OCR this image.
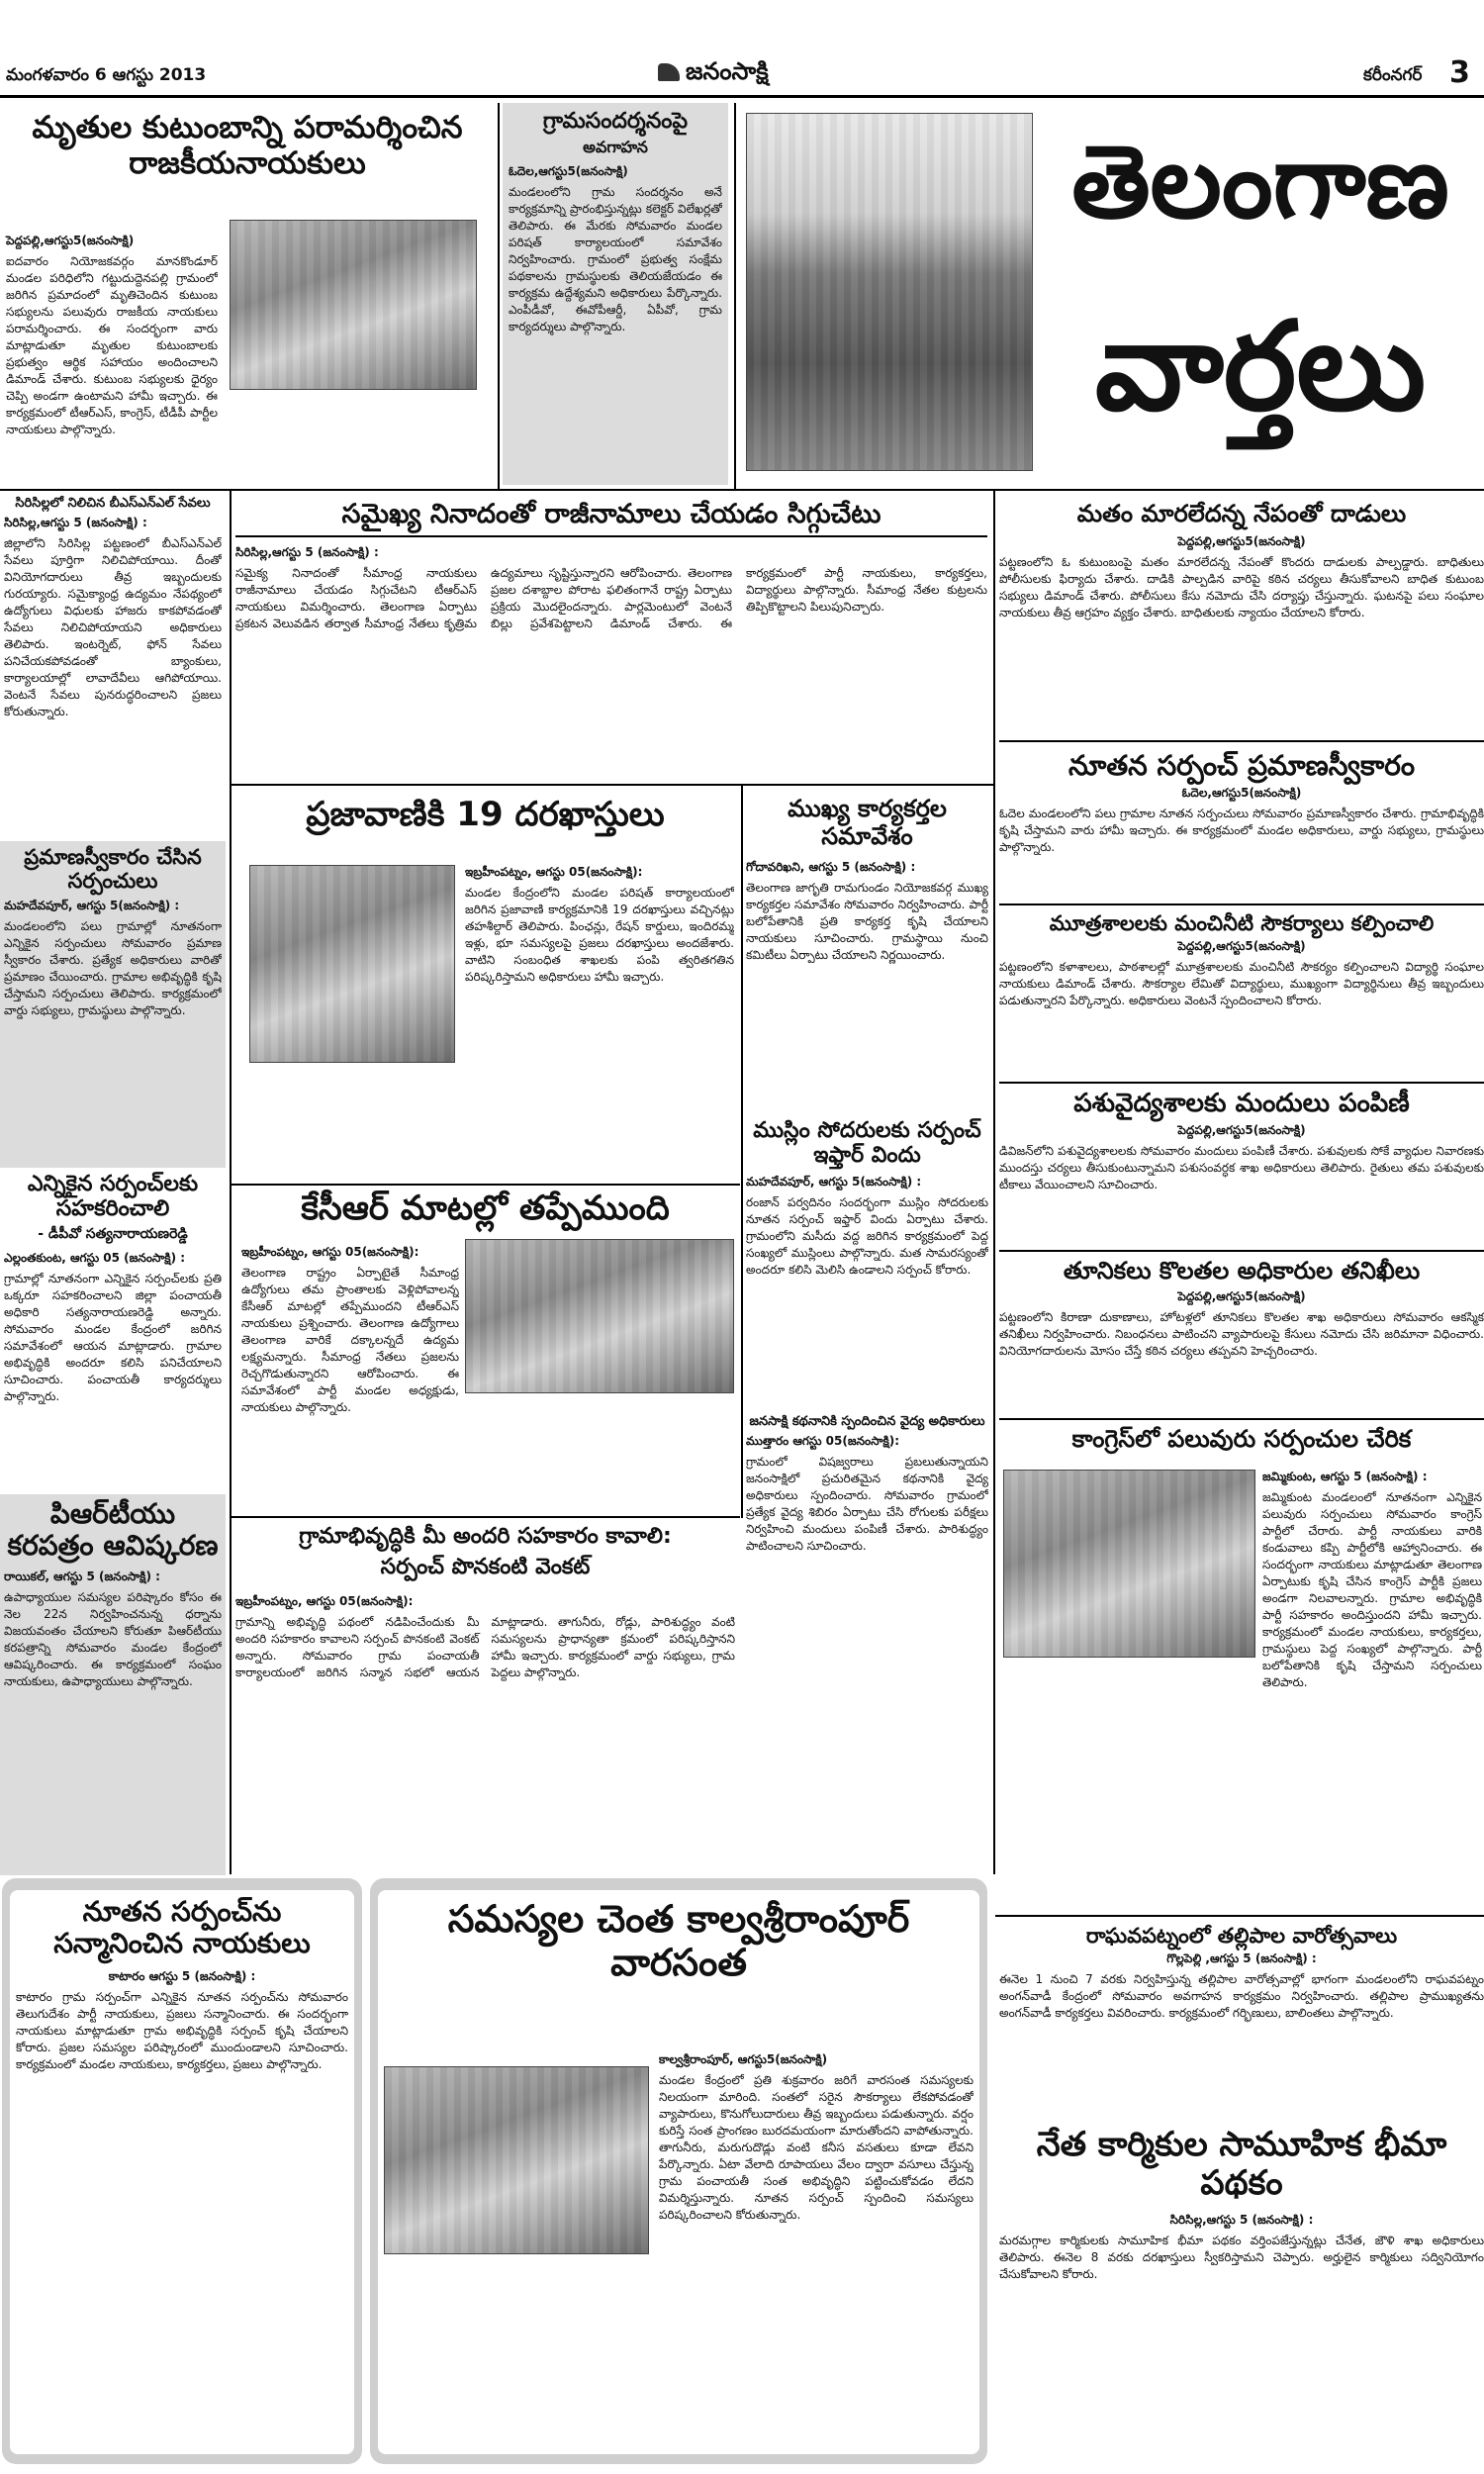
మంగళవారం 6 ఆగస్టు 2013	జనంసాక్షి	కరీంనగర్ 3
మృతుల కుటుంబాన్ని పరామర్శించిన రాజకీయనాయకులు
పెద్దపల్లి,ఆగస్టు5(జనంసాక్షి)
ఐదవారం నియోజకవర్గం మానకొండూర్ మండల పరిధిలోని గట్టుదుద్దెనపల్లి గ్రామంలో జరిగిన ప్రమాదంలో మృతిచెందిన కుటుంబ సభ్యులను పలువురు రాజకీయ నాయకులు పరామర్శించారు. ఈ సందర్భంగా వారు మాట్లాడుతూ మృతుల కుటుంబాలకు ప్రభుత్వం ఆర్థిక సహాయం అందించాలని డిమాండ్ చేశారు. కుటుంబ సభ్యులకు ధైర్యం చెప్పి అండగా ఉంటామని హామీ ఇచ్చారు. ఈ కార్యక్రమంలో టీఆర్ఎస్, కాంగ్రెస్, టీడీపీ పార్టీల నాయకులు పాల్గొన్నారు.
గ్రామసందర్శనంపై
అవగాహన
ఓదెల,ఆగస్టు5(జనంసాక్షి)
మండలంలోని గ్రామ సందర్శనం అనే కార్యక్రమాన్ని ప్రారంభిస్తున్నట్లు కలెక్టర్ విలేఖర్లతో తెలిపారు. ఈ మేరకు సోమవారం మండల పరిషత్ కార్యాలయంలో సమావేశం నిర్వహించారు. గ్రామంలో ప్రభుత్వ సంక్షేమ పథకాలను గ్రామస్థులకు తెలియజేయడం ఈ కార్యక్రమ ఉద్దేశ్యమని అధికారులు పేర్కొన్నారు. ఎంపీడీవో, ఈవోపీఆర్డీ, ఏపీవో, గ్రామ కార్యదర్శులు పాల్గొన్నారు.
తెలంగాణ
వార్తలు
సిరిసిల్లలో నిలిచిన బీఎస్ఎన్ఎల్ సేవలు
సిరిసిల్ల,ఆగస్టు 5 (జనంసాక్షి) :
జిల్లాలోని సిరిసిల్ల పట్టణంలో బీఎస్ఎన్ఎల్ సేవలు పూర్తిగా నిలిచిపోయాయి. దీంతో వినియోగదారులు తీవ్ర ఇబ్బందులకు గురయ్యారు. సమైక్యాంధ్ర ఉద్యమం నేపథ్యంలో ఉద్యోగులు విధులకు హాజరు కాకపోవడంతో సేవలు నిలిచిపోయాయని అధికారులు తెలిపారు. ఇంటర్నెట్, ఫోన్ సేవలు పనిచేయకపోవడంతో బ్యాంకులు, కార్యాలయాల్లో లావాదేవీలు ఆగిపోయాయి. వెంటనే సేవలు పునరుద్ధరించాలని ప్రజలు కోరుతున్నారు.
ప్రమాణస్వీకారం చేసిన సర్పంచులు
మహదేవపూర్, ఆగస్టు 5(జనంసాక్షి) :
మండలంలోని పలు గ్రామాల్లో నూతనంగా ఎన్నికైన సర్పంచులు సోమవారం ప్రమాణ స్వీకారం చేశారు. ప్రత్యేక అధికారులు వారితో ప్రమాణం చేయించారు. గ్రామాల అభివృద్ధికి కృషి చేస్తామని సర్పంచులు తెలిపారు. కార్యక్రమంలో వార్డు సభ్యులు, గ్రామస్థులు పాల్గొన్నారు.
ఎన్నికైన సర్పంచ్‌లకు సహకరించాలి
- డీపీవో సత్యనారాయణరెడ్డి
ఎల్లంతకుంట, ఆగస్టు 05 (జనంసాక్షి) :
గ్రామాల్లో నూతనంగా ఎన్నికైన సర్పంచ్‌లకు ప్రతి ఒక్కరూ సహకరించాలని జిల్లా పంచాయతీ అధికారి సత్యనారాయణరెడ్డి అన్నారు. సోమవారం మండల కేంద్రంలో జరిగిన సమావేశంలో ఆయన మాట్లాడారు. గ్రామాల అభివృద్ధికి అందరూ కలిసి పనిచేయాలని సూచించారు. పంచాయతీ కార్యదర్శులు పాల్గొన్నారు.
పిఆర్‌టీయు కరపత్రం ఆవిష్కరణ
రాయికల్, ఆగస్టు 5 (జనంసాక్షి) :
ఉపాధ్యాయుల సమస్యల పరిష్కారం కోసం ఈ నెల 22న నిర్వహించనున్న ధర్నాను విజయవంతం చేయాలని కోరుతూ పిఆర్‌టీయు కరపత్రాన్ని సోమవారం మండల కేంద్రంలో ఆవిష్కరించారు. ఈ కార్యక్రమంలో సంఘం నాయకులు, ఉపాధ్యాయులు పాల్గొన్నారు.
సమైఖ్య నినాదంతో రాజీనామాలు చేయడం సిగ్గుచేటు
సిరిసిల్ల,ఆగస్టు 5 (జనంసాక్షి) :
సమైక్య నినాదంతో సీమాంధ్ర నాయకులు రాజీనామాలు చేయడం సిగ్గుచేటని టీఆర్ఎస్ నాయకులు విమర్శించారు. తెలంగాణ ఏర్పాటు ప్రకటన వెలువడిన తర్వాత సీమాంధ్ర నేతలు కృత్రిమ ఉద్యమాలు సృష్టిస్తున్నారని ఆరోపించారు. తెలంగాణ ప్రజల దశాబ్దాల పోరాట ఫలితంగానే రాష్ట్ర ఏర్పాటు ప్రక్రియ మొదలైందన్నారు. పార్లమెంటులో వెంటనే బిల్లు ప్రవేశపెట్టాలని డిమాండ్ చేశారు. ఈ కార్యక్రమంలో పార్టీ నాయకులు, కార్యకర్తలు, విద్యార్థులు పాల్గొన్నారు. సీమాంధ్ర నేతల కుట్రలను తిప్పికొట్టాలని పిలుపునిచ్చారు.
ప్రజావాణికి 19 దరఖాస్తులు
ఇబ్రహీంపట్నం, ఆగస్టు 05(జనంసాక్షి):
మండల కేంద్రంలోని మండల పరిషత్ కార్యాలయంలో జరిగిన ప్రజావాణి కార్యక్రమానికి 19 దరఖాస్తులు వచ్చినట్లు తహశీల్దార్ తెలిపారు. పింఛన్లు, రేషన్ కార్డులు, ఇందిరమ్మ ఇళ్లు, భూ సమస్యలపై ప్రజలు దరఖాస్తులు అందజేశారు. వాటిని సంబంధిత శాఖలకు పంపి త్వరితగతిన పరిష్కరిస్తామని అధికారులు హామీ ఇచ్చారు.
కేసీఆర్ మాటల్లో తప్పేముంది
ఇబ్రహీంపట్నం, ఆగస్టు 05(జనంసాక్షి):
తెలంగాణ రాష్ట్రం ఏర్పాటైతే సీమాంధ్ర ఉద్యోగులు తమ ప్రాంతాలకు వెళ్లిపోవాలన్న కేసీఆర్ మాటల్లో తప్పేముందని టీఆర్ఎస్ నాయకులు ప్రశ్నించారు. తెలంగాణ ఉద్యోగాలు తెలంగాణ వారికే దక్కాలన్నదే ఉద్యమ లక్ష్యమన్నారు. సీమాంధ్ర నేతలు ప్రజలను రెచ్చగొడుతున్నారని ఆరోపించారు. ఈ సమావేశంలో పార్టీ మండల అధ్యక్షుడు, నాయకులు పాల్గొన్నారు.
గ్రామాభివృద్ధికి మీ అందరి సహకారం కావాలి:
సర్పంచ్ పొనకంటి వెంకట్
ఇబ్రహీంపట్నం, ఆగస్టు 05(జనంసాక్షి):
గ్రామాన్ని అభివృద్ధి పథంలో నడిపించేందుకు మీ అందరి సహకారం కావాలని సర్పంచ్ పొనకంటి వెంకట్ అన్నారు. సోమవారం గ్రామ పంచాయతీ కార్యాలయంలో జరిగిన సన్మాన సభలో ఆయన మాట్లాడారు. తాగునీరు, రోడ్లు, పారిశుద్ధ్యం వంటి సమస్యలను ప్రాధాన్యతా క్రమంలో పరిష్కరిస్తానని హామీ ఇచ్చారు. కార్యక్రమంలో వార్డు సభ్యులు, గ్రామ పెద్దలు పాల్గొన్నారు.
ముఖ్య కార్యకర్తల సమావేశం
గోదావరిఖని, ఆగస్టు 5 (జనంసాక్షి) :
తెలంగాణ జాగృతి రామగుండం నియోజకవర్గ ముఖ్య కార్యకర్తల సమావేశం సోమవారం నిర్వహించారు. పార్టీ బలోపేతానికి ప్రతి కార్యకర్త కృషి చేయాలని నాయకులు సూచించారు. గ్రామస్థాయి నుంచి కమిటీలు ఏర్పాటు చేయాలని నిర్ణయించారు.
ముస్లిం సోదరులకు సర్పంచ్ ఇఫ్తార్ విందు
మహదేవపూర్, ఆగస్టు 5(జనంసాక్షి) :
రంజాన్ పర్వదినం సందర్భంగా ముస్లిం సోదరులకు నూతన సర్పంచ్ ఇఫ్తార్ విందు ఏర్పాటు చేశారు. గ్రామంలోని మసీదు వద్ద జరిగిన కార్యక్రమంలో పెద్ద సంఖ్యలో ముస్లింలు పాల్గొన్నారు. మత సామరస్యంతో అందరూ కలిసి మెలిసి ఉండాలని సర్పంచ్ కోరారు.
జనసాక్షి కథనానికి స్పందించిన వైద్య అధికారులు
ముత్తారం ఆగస్టు 05(జనంసాక్షి):
గ్రామంలో విషజ్వరాలు ప్రబలుతున్నాయని జనంసాక్షిలో ప్రచురితమైన కథనానికి వైద్య అధికారులు స్పందించారు. సోమవారం గ్రామంలో ప్రత్యేక వైద్య శిబిరం ఏర్పాటు చేసి రోగులకు పరీక్షలు నిర్వహించి మందులు పంపిణీ చేశారు. పారిశుద్ధ్యం పాటించాలని సూచించారు.
మతం మారలేదన్న నేపంతో దాడులు
పెద్దపల్లి,ఆగస్టు5(జనంసాక్షి)
పట్టణంలోని ఓ కుటుంబంపై మతం మారలేదన్న నేపంతో కొందరు దాడులకు పాల్పడ్డారు. బాధితులు పోలీసులకు ఫిర్యాదు చేశారు. దాడికి పాల్పడిన వారిపై కఠిన చర్యలు తీసుకోవాలని బాధిత కుటుంబ సభ్యులు డిమాండ్ చేశారు. పోలీసులు కేసు నమోదు చేసి దర్యాప్తు చేస్తున్నారు. ఘటనపై పలు సంఘాల నాయకులు తీవ్ర ఆగ్రహం వ్యక్తం చేశారు. బాధితులకు న్యాయం చేయాలని కోరారు.
నూతన సర్పంచ్ ప్రమాణస్వీకారం
ఓదెల,ఆగస్టు5(జనంసాక్షి)
ఓదెల మండలంలోని పలు గ్రామాల నూతన సర్పంచులు సోమవారం ప్రమాణస్వీకారం చేశారు. గ్రామాభివృద్ధికి కృషి చేస్తామని వారు హామీ ఇచ్చారు. ఈ కార్యక్రమంలో మండల అధికారులు, వార్డు సభ్యులు, గ్రామస్థులు పాల్గొన్నారు.
మూత్రశాలలకు మంచినీటి సౌకర్యాలు కల్పించాలి
పెద్దపల్లి,ఆగస్టు5(జనంసాక్షి)
పట్టణంలోని కళాశాలలు, పాఠశాలల్లో మూత్రశాలలకు మంచినీటి సౌకర్యం కల్పించాలని విద్యార్థి సంఘాల నాయకులు డిమాండ్ చేశారు. సౌకర్యాల లేమితో విద్యార్థులు, ముఖ్యంగా విద్యార్థినులు తీవ్ర ఇబ్బందులు పడుతున్నారని పేర్కొన్నారు. అధికారులు వెంటనే స్పందించాలని కోరారు.
పశువైద్యశాలకు మందులు పంపిణీ
పెద్దపల్లి,ఆగస్టు5(జనంసాక్షి)
డివిజన్‌లోని పశువైద్యశాలలకు సోమవారం మందులు పంపిణీ చేశారు. పశువులకు సోకే వ్యాధుల నివారణకు ముందస్తు చర్యలు తీసుకుంటున్నామని పశుసంవర్ధక శాఖ అధికారులు తెలిపారు. రైతులు తమ పశువులకు టీకాలు వేయించాలని సూచించారు.
తూనికలు కొలతల అధికారుల తనిఖీలు
పెద్దపల్లి,ఆగస్టు5(జనంసాక్షి)
పట్టణంలోని కిరాణా దుకాణాలు, హోటళ్లలో తూనికలు కొలతల శాఖ అధికారులు సోమవారం ఆకస్మిక తనిఖీలు నిర్వహించారు. నిబంధనలు పాటించని వ్యాపారులపై కేసులు నమోదు చేసి జరిమానా విధించారు. వినియోగదారులను మోసం చేస్తే కఠిన చర్యలు తప్పవని హెచ్చరించారు.
కాంగ్రెస్‌లో పలువురు సర్పంచుల చేరిక
జమ్మికుంట, ఆగస్టు 5 (జనంసాక్షి) :
జమ్మికుంట మండలంలో నూతనంగా ఎన్నికైన పలువురు సర్పంచులు సోమవారం కాంగ్రెస్ పార్టీలో చేరారు. పార్టీ నాయకులు వారికి కండువాలు కప్పి పార్టీలోకి ఆహ్వానించారు. ఈ సందర్భంగా నాయకులు మాట్లాడుతూ తెలంగాణ ఏర్పాటుకు కృషి చేసిన కాంగ్రెస్ పార్టీకి ప్రజలు అండగా నిలవాలన్నారు. గ్రామాల అభివృద్ధికి పార్టీ సహకారం అందిస్తుందని హామీ ఇచ్చారు. కార్యక్రమంలో మండల నాయకులు, కార్యకర్తలు, గ్రామస్థులు పెద్ద సంఖ్యలో పాల్గొన్నారు. పార్టీ బలోపేతానికి కృషి చేస్తామని సర్పంచులు తెలిపారు.
రాఘవపట్నంలో తల్లిపాల వారోత్సవాలు
గొల్లపెల్లి ,ఆగస్టు 5 (జనంసాక్షి) :
ఈనెల 1 నుంచి 7 వరకు నిర్వహిస్తున్న తల్లిపాల వారోత్సవాల్లో భాగంగా మండలంలోని రాఘవపట్నం అంగన్‌వాడీ కేంద్రంలో సోమవారం అవగాహన కార్యక్రమం నిర్వహించారు. తల్లిపాల ప్రాముఖ్యతను అంగన్‌వాడీ కార్యకర్తలు వివరించారు. కార్యక్రమంలో గర్భిణులు, బాలింతలు పాల్గొన్నారు.
నేత కార్మికుల సామూహిక భీమా పథకం
సిరిసిల్ల,ఆగస్టు 5 (జనంసాక్షి) :
మరమగ్గాల కార్మికులకు సామూహిక భీమా పథకం వర్తింపజేస్తున్నట్లు చేనేత, జౌళి శాఖ అధికారులు తెలిపారు. ఈనెల 8 వరకు దరఖాస్తులు స్వీకరిస్తామని చెప్పారు. అర్హులైన కార్మికులు సద్వినియోగం చేసుకోవాలని కోరారు.
నూతన సర్పంచ్‌ను సన్మానించిన నాయకులు
కాటారం ఆగస్టు 5 (జనంసాక్షి) :
కాటారం గ్రామ సర్పంచ్‌గా ఎన్నికైన నూతన సర్పంచ్‌ను సోమవారం తెలుగుదేశం పార్టీ నాయకులు, ప్రజలు సన్మానించారు. ఈ సందర్భంగా నాయకులు మాట్లాడుతూ గ్రామ అభివృద్ధికి సర్పంచ్ కృషి చేయాలని కోరారు. ప్రజల సమస్యల పరిష్కారంలో ముందుండాలని సూచించారు. కార్యక్రమంలో మండల నాయకులు, కార్యకర్తలు, ప్రజలు పాల్గొన్నారు.
సమస్యల చెంత కాల్వశ్రీరాంపూర్ వారసంత
కాల్వశ్రీరాంపూర్, ఆగస్టు5(జనంసాక్షి)
మండల కేంద్రంలో ప్రతి శుక్రవారం జరిగే వారసంత సమస్యలకు నిలయంగా మారింది. సంతలో సరైన సౌకర్యాలు లేకపోవడంతో వ్యాపారులు, కొనుగోలుదారులు తీవ్ర ఇబ్బందులు పడుతున్నారు. వర్షం కురిస్తే సంత ప్రాంగణం బురదమయంగా మారుతోందని వాపోతున్నారు. తాగునీరు, మరుగుదొడ్లు వంటి కనీస వసతులు కూడా లేవని పేర్కొన్నారు. ఏటా వేలాది రూపాయలు వేలం ద్వారా వసూలు చేస్తున్న గ్రామ పంచాయతీ సంత అభివృద్ధిని పట్టించుకోవడం లేదని విమర్శిస్తున్నారు. నూతన సర్పంచ్ స్పందించి సమస్యలు పరిష్కరించాలని కోరుతున్నారు.
